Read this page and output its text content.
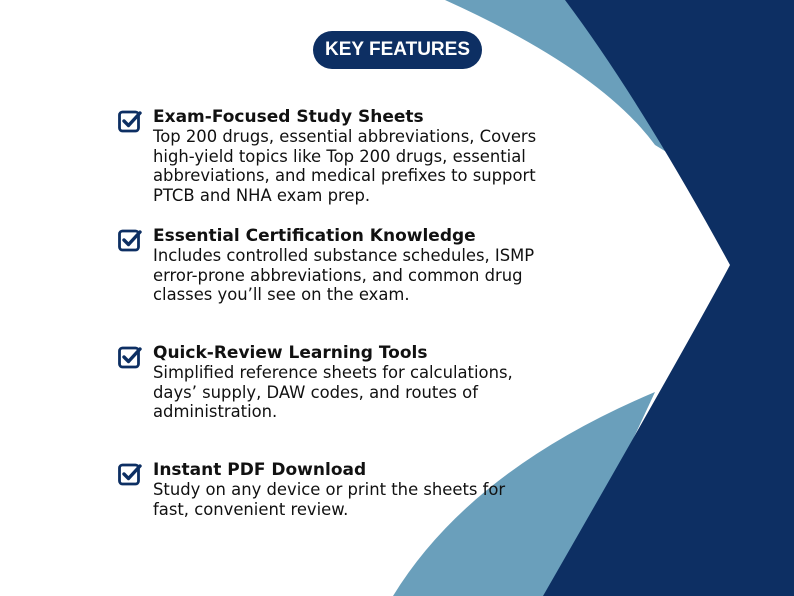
KEY FEATURES
Exam-Focused Study Sheets
Top 200 drugs, essential abbreviations, Covers
high-yield topics like Top 200 drugs, essential
abbreviations, and medical prefixes to support
PTCB and NHA exam prep.
Essential Certification Knowledge
Includes controlled substance schedules, ISMP
error-prone abbreviations, and common drug
classes you’ll see on the exam.
Quick-Review Learning Tools
Simplified reference sheets for calculations,
days’ supply, DAW codes, and routes of
administration.
Instant PDF Download
Study on any device or print the sheets for
fast, convenient review.
